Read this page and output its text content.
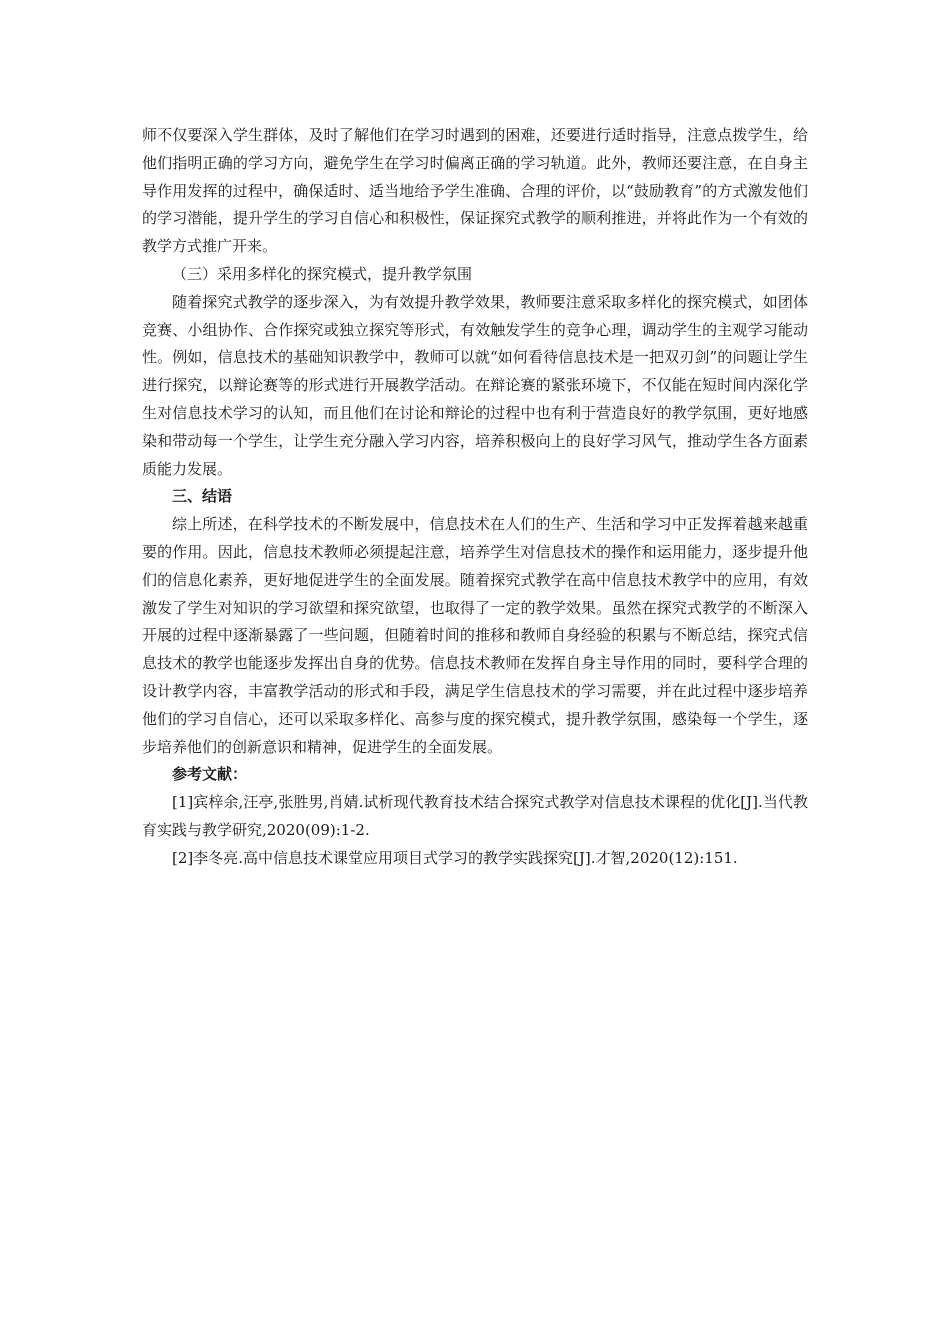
师不仅要深入学生群体，及时了解他们在学习时遇到的困难，还要进行适时指导，注意点拨学生，给他们指明正确的学习方向，避免学生在学习时偏离正确的学习轨道。此外，教师还要注意，在自身主导作用发挥的过程中，确保适时、适当地给予学生准确、合理的评价，以“鼓励教育”的方式激发他们的学习潜能，提升学生的学习自信心和积极性，保证探究式教学的顺利推进，并将此作为一个有效的教学方式推广开来。

（三）采用多样化的探究模式，提升教学氛围

随着探究式教学的逐步深入，为有效提升教学效果，教师要注意采取多样化的探究模式，如团体竞赛、小组协作、合作探究或独立探究等形式，有效触发学生的竞争心理，调动学生的主观学习能动性。例如，信息技术的基础知识教学中，教师可以就“如何看待信息技术是一把双刃剑”的问题让学生进行探究，以辩论赛等的形式进行开展教学活动。在辩论赛的紧张环境下，不仅能在短时间内深化学生对信息技术学习的认知，而且他们在讨论和辩论的过程中也有利于营造良好的教学氛围，更好地感染和带动每一个学生，让学生充分融入学习内容，培养积极向上的良好学习风气，推动学生各方面素质能力发展。

三、结语

综上所述，在科学技术的不断发展中，信息技术在人们的生产、生活和学习中正发挥着越来越重要的作用。因此，信息技术教师必须提起注意，培养学生对信息技术的操作和运用能力，逐步提升他们的信息化素养，更好地促进学生的全面发展。随着探究式教学在高中信息技术教学中的应用，有效激发了学生对知识的学习欲望和探究欲望，也取得了一定的教学效果。虽然在探究式教学的不断深入开展的过程中逐渐暴露了一些问题，但随着时间的推移和教师自身经验的积累与不断总结，探究式信息技术的教学也能逐步发挥出自身的优势。信息技术教师在发挥自身主导作用的同时，要科学合理的设计教学内容，丰富教学活动的形式和手段，满足学生信息技术的学习需要，并在此过程中逐步培养他们的学习自信心，还可以采取多样化、高参与度的探究模式，提升教学氛围，感染每一个学生，逐步培养他们的创新意识和精神，促进学生的全面发展。

参考文献：

[1]宾梓余,汪亭,张胜男,肖婧.试析现代教育技术结合探究式教学对信息技术课程的优化[J].当代教育实践与教学研究,2020(09):1-2.

[2]李冬亮.高中信息技术课堂应用项目式学习的教学实践探究[J].才智,2020(12):151.
